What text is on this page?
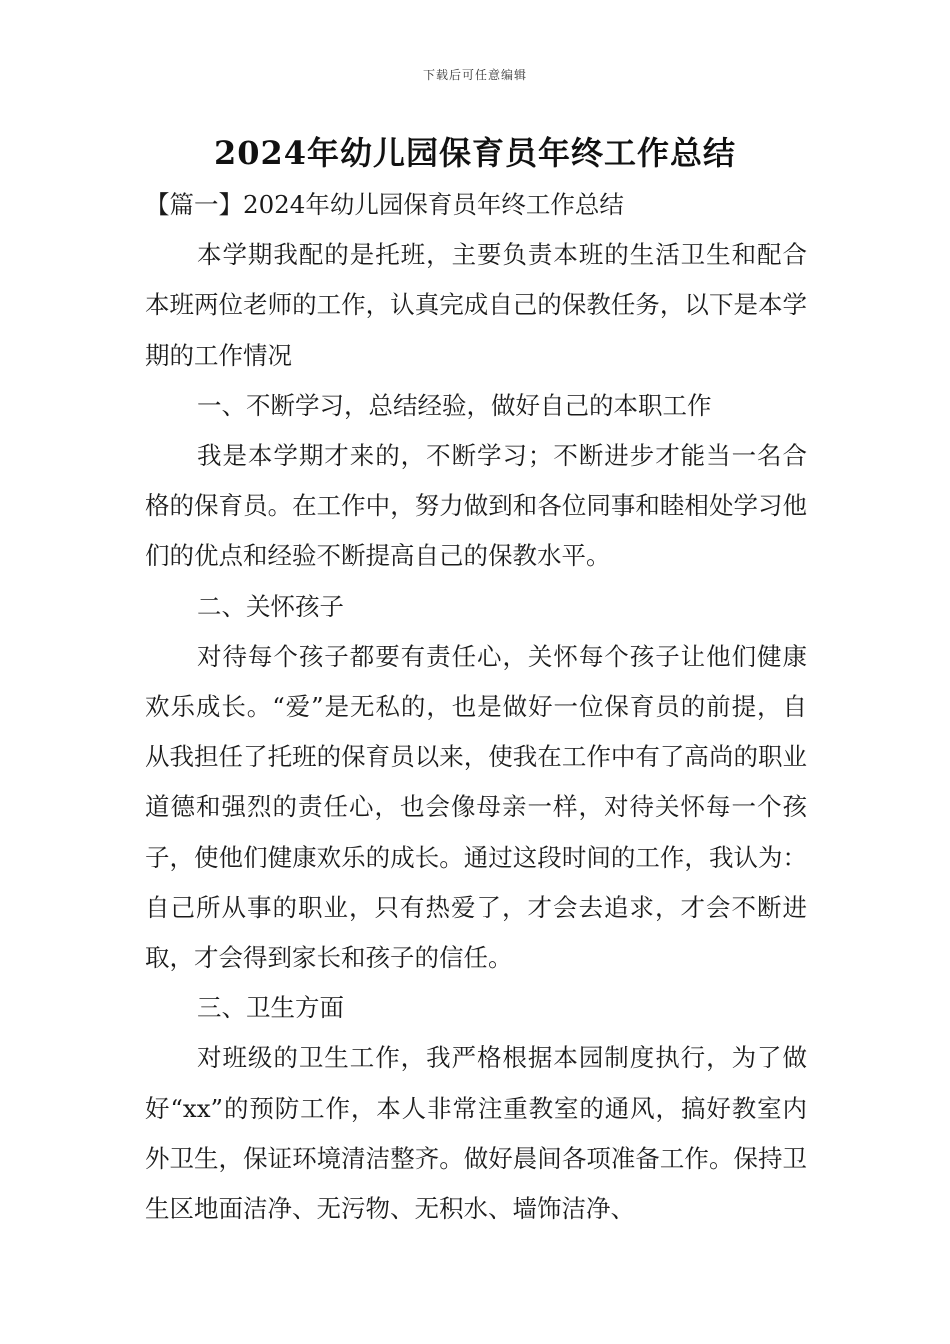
下载后可任意编辑
2024年幼儿园保育员年终工作总结

【篇一】2024年幼儿园保育员年终工作总结

本学期我配的是托班，主要负责本班的生活卫生和配合本班两位老师的工作，认真完成自己的保教任务，以下是本学期的工作情况

一、不断学习，总结经验，做好自己的本职工作

我是本学期才来的，不断学习；不断进步才能当一名合格的保育员。在工作中，努力做到和各位同事和睦相处学习他们的优点和经验不断提高自己的保教水平。

二、关怀孩子

对待每个孩子都要有责任心，关怀每个孩子让他们健康欢乐成长。“爱”是无私的，也是做好一位保育员的前提，自从我担任了托班的保育员以来，使我在工作中有了高尚的职业道德和强烈的责任心，也会像母亲一样，对待关怀每一个孩子，使他们健康欢乐的成长。通过这段时间的工作，我认为：自己所从事的职业，只有热爱了，才会去追求，才会不断进取，才会得到家长和孩子的信任。

三、卫生方面

对班级的卫生工作，我严格根据本园制度执行，为了做好“xx”的预防工作，本人非常注重教室的通风，搞好教室内外卫生，保证环境清洁整齐。做好晨间各项准备工作。保持卫生区地面洁净、无污物、无积水、墙饰洁净、
